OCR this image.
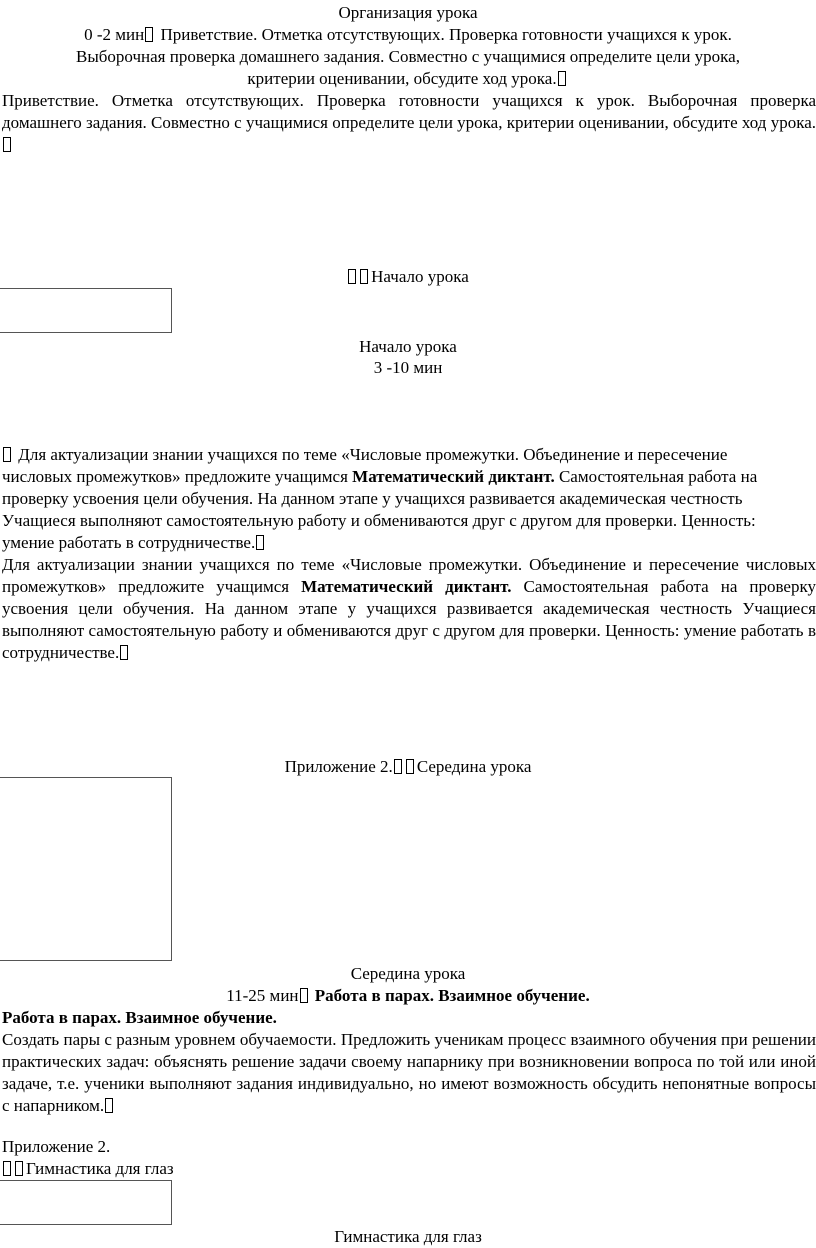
Организация урока
0 -2 мин Приветствие. Отметка отсутствующих. Проверка готовности учащихся к урок.
Выборочная проверка домашнего задания. Совместно с учащимися определите цели урока,
критерии оценивании, обсудите ход урока.
Приветствие. Отметка отсутствующих. Проверка готовности учащихся к урок. Выборочная проверка домашнего задания. Совместно с учащимися определите цели урока, критерии оценивании, обсудите ход урока.
Начало урока
Начало урока
3 -10 мин
Для актуализации знании учащихся по теме «Числовые промежутки. Объединение и пересечение числовых промежутков» предложите учащимся Математический диктант. Самостоятельная работа на проверку усвоения цели обучения. На данном этапе у учащихся развивается академическая честность Учащиеся выполняют самостоятельную работу и обмениваются друг с другом для проверки. Ценность: умение работать в сотрудничестве.
Для актуализации знании учащихся по теме «Числовые промежутки. Объединение и пересечение числовых промежутков» предложите учащимся Математический диктант. Самостоятельная работа на проверку усвоения цели обучения. На данном этапе у учащихся развивается академическая честность Учащиеся выполняют самостоятельную работу и обмениваются друг с другом для проверки. Ценность: умение работать в сотрудничестве.
Приложение 2. Середина урока
Середина урока
11-25 мин Работа в парах. Взаимное обучение.
Работа в парах. Взаимное обучение.
Создать пары с разным уровнем обучаемости. Предложить ученикам процесс взаимного обучения при решении практических задач: объяснять решение задачи своему напарнику при возникновении вопроса по той или иной задаче, т.е. ученики выполняют задания индивидуально, но имеют возможность обсудить непонятные вопросы с напарником.
Приложение 2.
Гимнастика для глаз
Гимнастика для глаз
